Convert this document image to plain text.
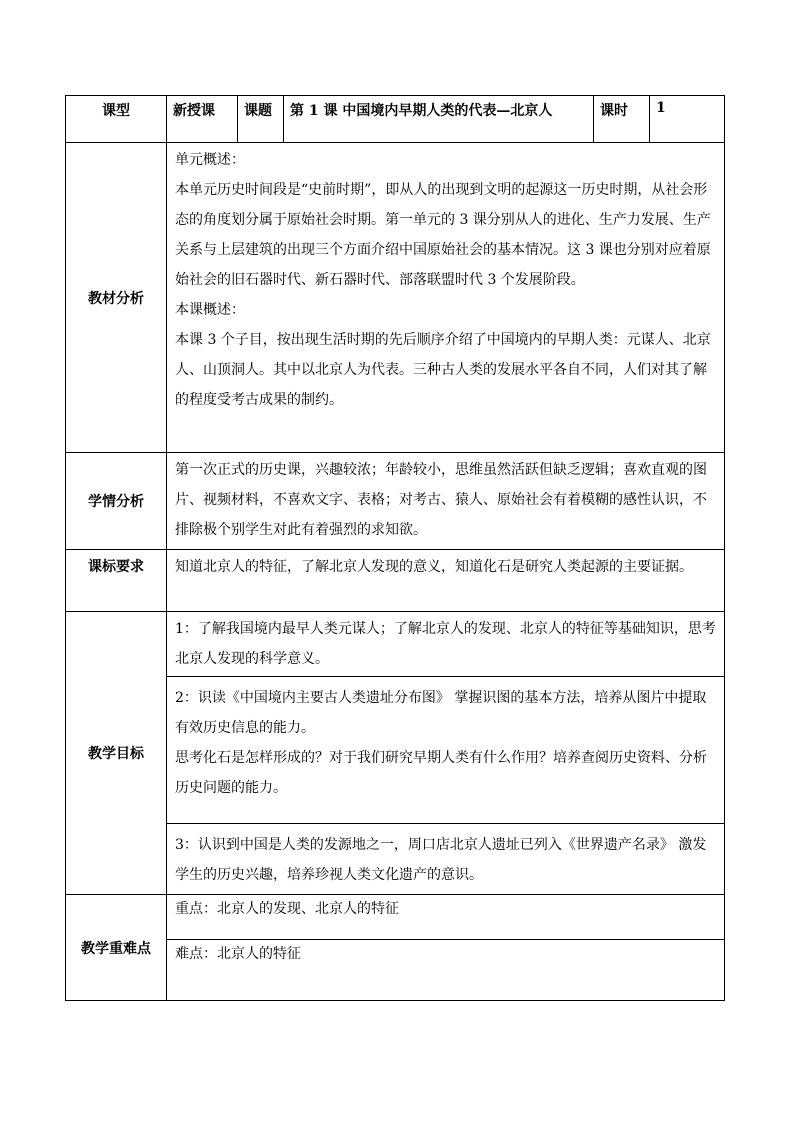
课型	新授课	课题	第 1 课 中国境内早期人类的代表—北京人	课时	1
教材分析	单元概述：

本单元历史时间段是“史前时期”，即从人的出现到文明的起源这一历史时期，从社会形态的角度划分属于原始社会时期。第一单元的 3 课分别从人的进化、生产力发展、生产关系与上层建筑的出现三个方面介绍中国原始社会的基本情况。这 3 课也分别对应着原始社会的旧石器时代、新石器时代、部落联盟时代 3 个发展阶段。

本课概述：

本课 3 个子目，按出现生活时期的先后顺序介绍了中国境内的早期人类：元谋人、北京人、山顶洞人。其中以北京人为代表。三种古人类的发展水平各自不同，人们对其了解的程度受考古成果的制约。				

学情分析	第一次正式的历史课，兴趣较浓；年龄较小，思维虽然活跃但缺乏逻辑；喜欢直观的图片、视频材料，不喜欢文字、表格；对考古、猿人、原始社会有着模糊的感性认识，不排除极个别学生对此有着强烈的求知欲。				

课标要求	知道北京人的特征，了解北京人发现的意义，知道化石是研究人类起源的主要证据。				

教学目标	1：了解我国境内最早人类元谋人；了解北京人的发现、北京人的特征等基础知识，思考北京人发现的科学意义。

2：识读《中国境内主要古人类遗址分布图》 掌握识图的基本方法，培养从图片中提取有效历史信息的能力。

思考化石是怎样形成的？对于我们研究早期人类有什么作用？培养查阅历史资料、分析历史问题的能力。

3：认识到中国是人类的发源地之一，周口店北京人遗址已列入《世界遗产名录》 激发学生的历史兴趣，培养珍视人类文化遗产的意识。				

教学重难点	重点：北京人的发现、北京人的特征

难点：北京人的特征				
